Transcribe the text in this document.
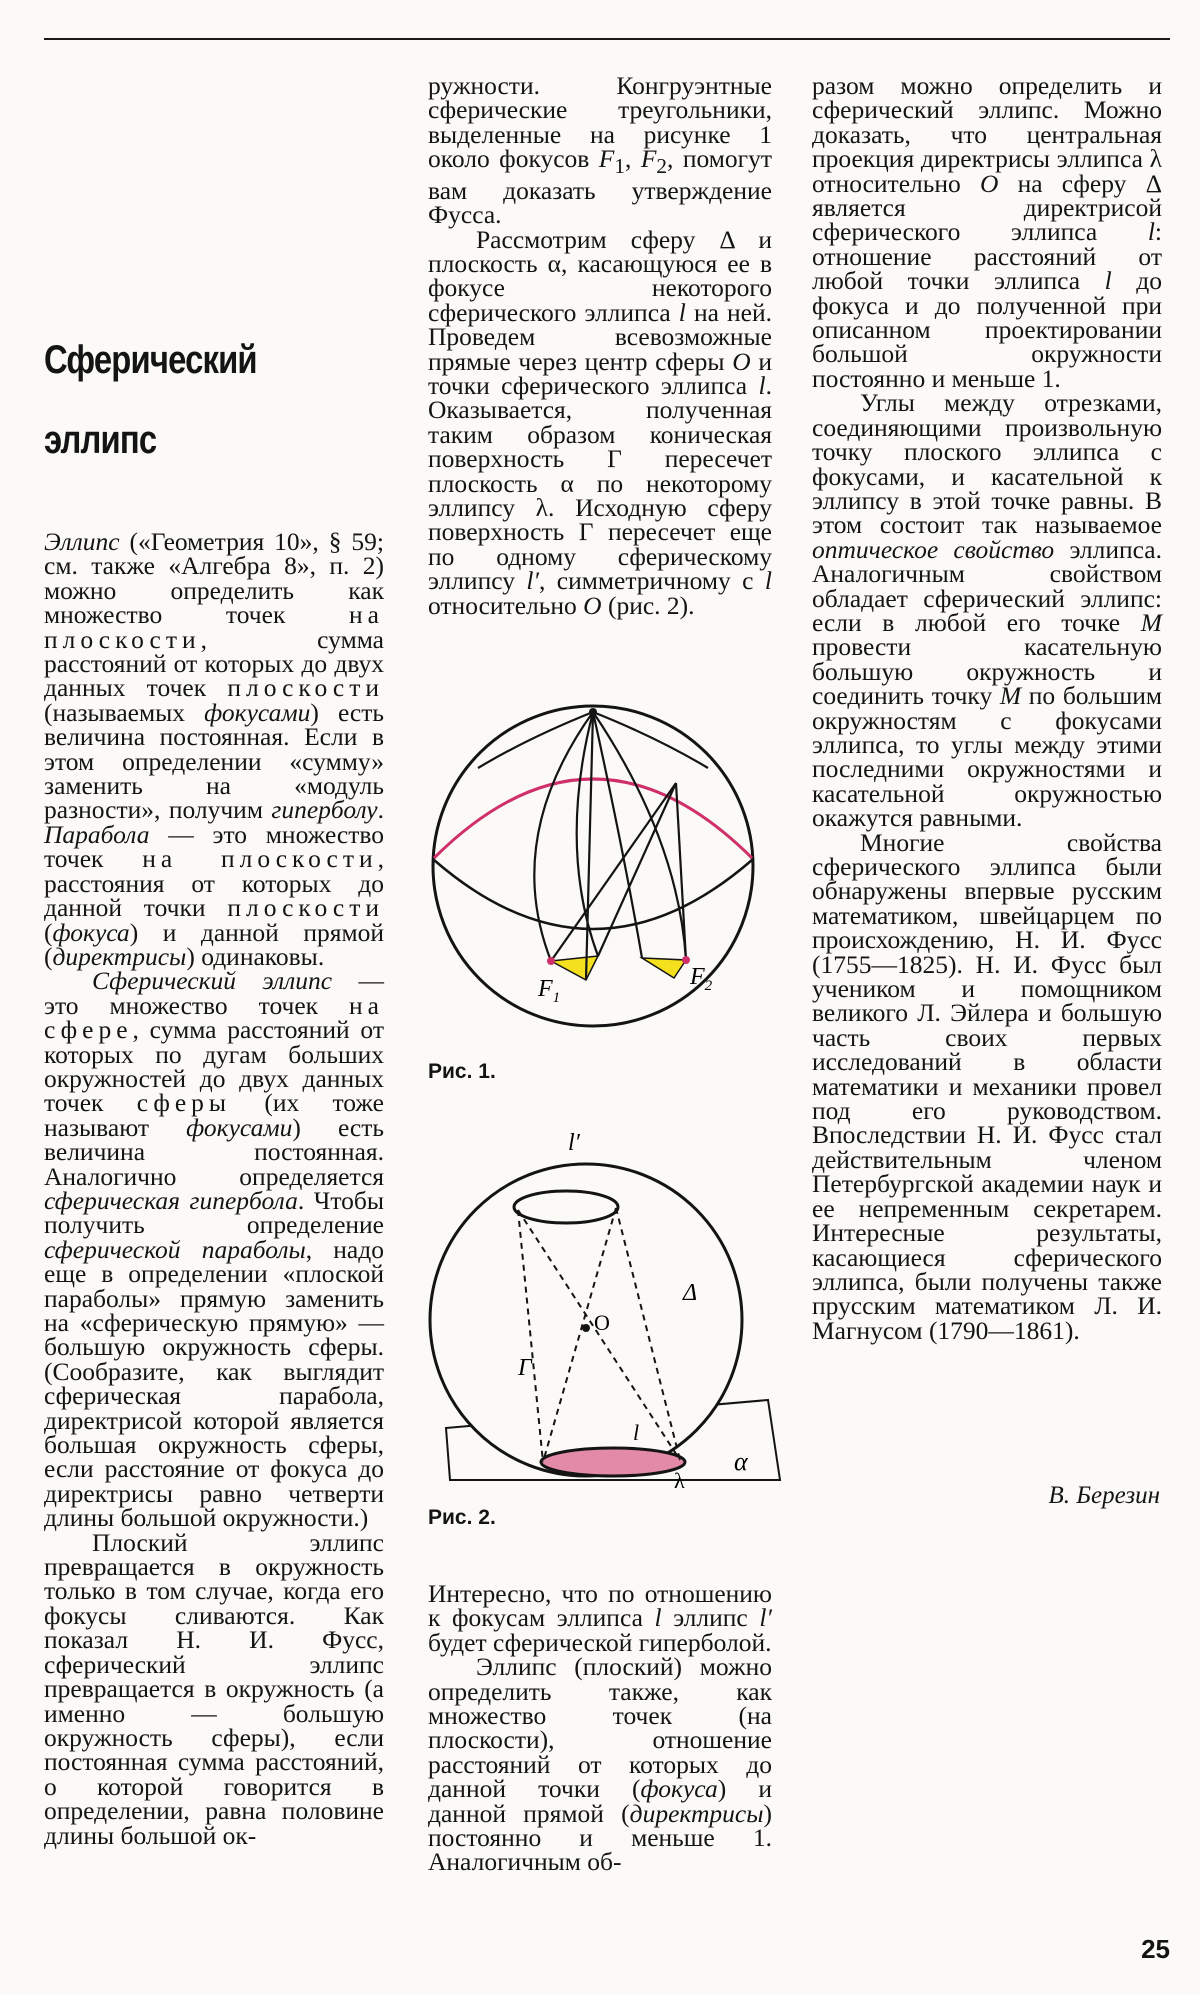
Сферический
эллипс

Эллипс («Геометрия 10», § 59; см. также «Алгебра 8», п. 2) можно определить как множество точек на плоскости, сумма расстояний от которых до двух данных точек плоскости (называемых фокусами) есть величина постоянная. Если в этом определении «сумму» заменить на «модуль разности», получим гиперболу. Парабола — это множество точек на плоскости, расстояния от которых до данной точки плоскости (фокуса) и данной прямой (директрисы) одинаковы.

Сферический эллипс — это множество точек на сфере, сумма расстояний от которых по дугам больших окружностей до двух данных точек сферы (их тоже называют фокусами) есть величина постоянная. Аналогично определяется сферическая гипербола. Чтобы получить определение сферической параболы, надо еще в определении «плоской параболы» прямую заменить на «сферическую прямую» — большую окружность сферы. (Сообразите, как выглядит сферическая парабола, директрисой которой является большая окружность сферы, если расстояние от фокуса до директрисы равно четверти длины большой окружности.)

Плоский эллипс превращается в окружность только в том случае, когда его фокусы сливаются. Как показал Н. И. Фусс, сферический эллипс превращается в окружность (а именно — большую окружность сферы), если постоянная сумма расстояний, о которой говорится в определении, равна половине длины большой ок-

ружности. Конгруэнтные сферические треугольники, выделенные на рисунке 1 около фокусов $F_1$, $F_2$, помогут вам доказать утверждение Фусса.

Рассмотрим сферу Δ и плоскость α, касающуюся ее в фокусе некоторого сферического эллипса l на ней. Проведем всевозможные прямые через центр сферы O и точки сферического эллипса l. Оказывается, полученная таким образом коническая поверхность Γ пересечет плоскость α по некоторому эллипсу λ. Исходную сферу поверхность Γ пересечет еще по одному сферическому эллипсу l′, симметричному с l относительно O (рис. 2).

$F_1$
$F_2$
Рис. 1.
l′
Δ
O
Γ
l
λ
α
Рис. 2.

Интересно, что по отношению к фокусам эллипса l эллипс l′ будет сферической гиперболой.

Эллипс (плоский) можно определить также, как множество точек (на плоскости), отношение расстояний от которых до данной точки (фокуса) и данной прямой (директрисы) постоянно и меньше 1. Аналогичным об-

разом можно определить и сферический эллипс. Можно доказать, что центральная проекция директрисы эллипса λ относительно O на сферу Δ является директрисой сферического эллипса l: отношение расстояний от любой точки эллипса l до фокуса и до полученной при описанном проектировании большой окружности постоянно и меньше 1.

Углы между отрезками, соединяющими произвольную точку плоского эллипса с фокусами, и касательной к эллипсу в этой точке равны. В этом состоит так называемое оптическое свойство эллипса. Аналогичным свойством обладает сферический эллипс: если в любой его точке M провести касательную большую окружность и соединить точку M по большим окружностям с фокусами эллипса, то углы между этими последними окружностями и касательной окружностью окажутся равными.

Многие свойства сферического эллипса были обнаружены впервые русским математиком, швейцарцем по происхождению, Н. И. Фусс (1755—1825). Н. И. Фусс был учеником и помощником великого Л. Эйлера и большую часть своих первых исследований в области математики и механики провел под его руководством. Впоследствии Н. И. Фусс стал действительным членом Петербургской академии наук и ее непременным секретарем. Интересные результаты, касающиеся сферического эллипса, были получены также прусским математиком Л. И. Магнусом (1790—1861).

В. Березин
25
